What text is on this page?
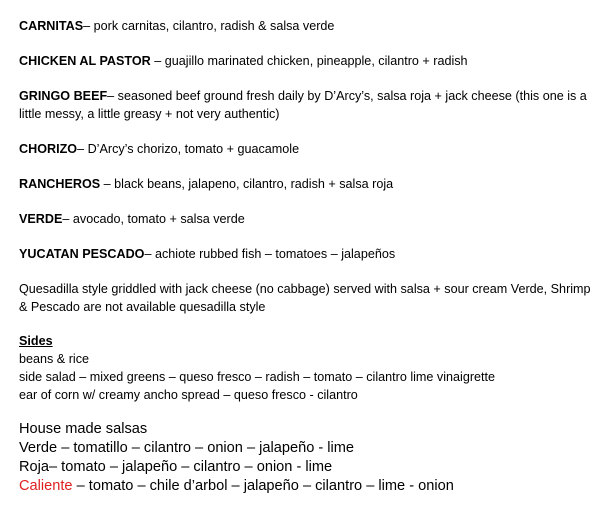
CARNITAS– pork carnitas, cilantro, radish & salsa verde
CHICKEN AL PASTOR – guajillo marinated chicken, pineapple, cilantro + radish
GRINGO BEEF– seasoned beef ground fresh daily by D’Arcy’s, salsa roja + jack cheese (this one is a little messy, a little greasy + not very authentic)
CHORIZO– D’Arcy’s chorizo, tomato + guacamole
RANCHEROS – black beans, jalapeno, cilantro, radish + salsa roja
VERDE– avocado, tomato + salsa verde
YUCATAN PESCADO– achiote rubbed fish – tomatoes – jalapeños
Quesadilla style griddled with jack cheese (no cabbage) served with salsa + sour cream Verde, Shrimp & Pescado are not available quesadilla style
Sides
beans & rice
side salad – mixed greens – queso fresco – radish – tomato – cilantro lime vinaigrette
ear of corn w/ creamy ancho spread – queso fresco - cilantro
House made salsas
Verde – tomatillo – cilantro – onion – jalapeño - lime
Roja– tomato – jalapeño – cilantro – onion - lime
Caliente – tomato – chile d’arbol – jalapeño – cilantro – lime - onion
